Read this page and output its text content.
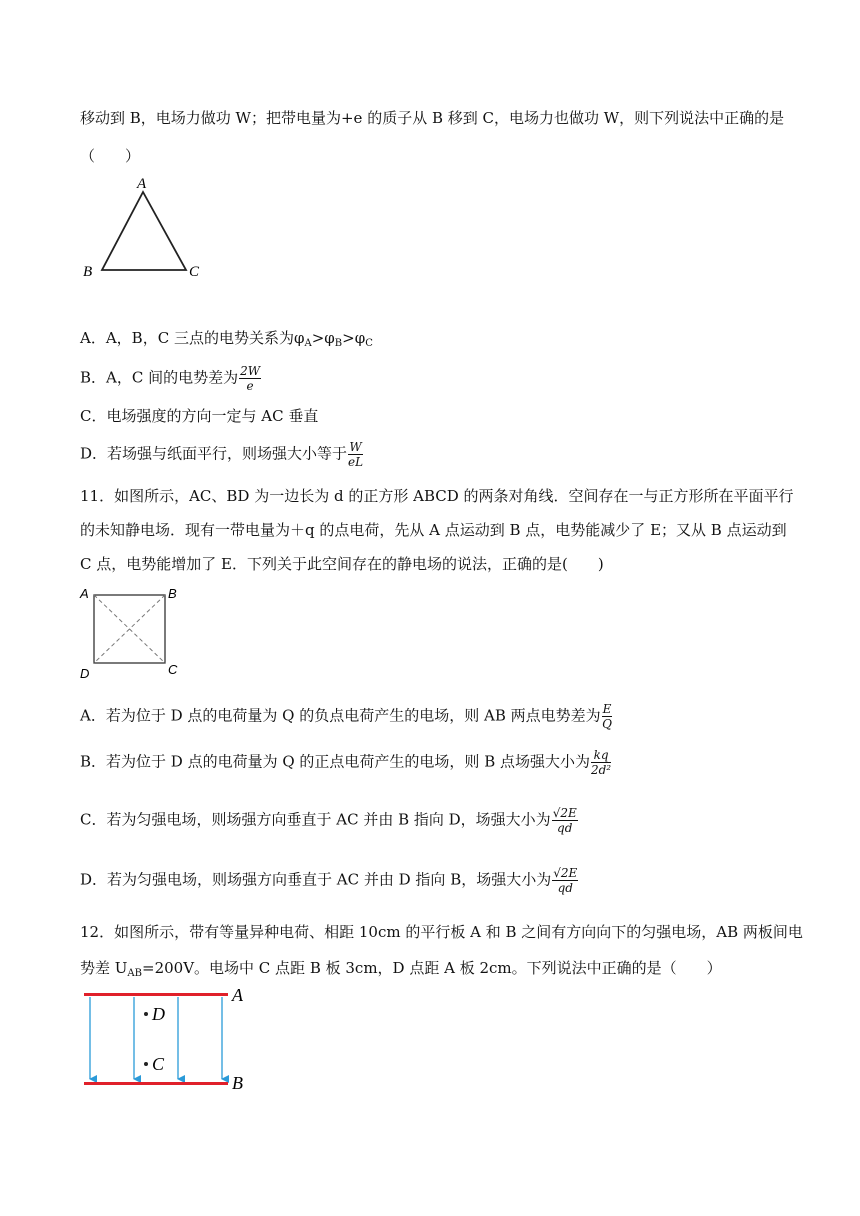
移动到 B，电场力做功 W；把带电量为+e 的质子从 B 移到 C，电场力也做功 W，则下列说法中正确的是
（　　）
A
B	C
A．A，B，C 三点的电势关系为$\varphi_A>\varphi_B>\varphi_C$
B．A，C 间的电势差为 $\frac{2W}{e}$
C．电场强度的方向一定与 AC 垂直
D．若场强与纸面平行，则场强大小等于 $\frac{W}{eL}$
11．如图所示，AC、BD 为一边长为 d 的正方形 ABCD 的两条对角线．空间存在一与正方形所在平面平行
的未知静电场．现有一带电量为＋q 的点电荷，先从 A 点运动到 B 点，电势能减少了 E；又从 B 点运动到
C 点，电势能增加了 E．下列关于此空间存在的静电场的说法，正确的是(　　)
A	B
C
D
A．若为位于 D 点的电荷量为 Q 的负点电荷产生的电场，则 AB 两点电势差为 $\frac{E}{Q}$
B．若为位于 D 点的电荷量为 Q 的正点电荷产生的电场，则 B 点场强大小为 $\frac{kq}{\text{2d²}}$
C．若为匀强电场，则场强方向垂直于 AC 并由 B 指向 D，场强大小为 $\frac{√2E}{qd}$
D．若为匀强电场，则场强方向垂直于 AC 并由 D 指向 B，场强大小为 $\frac{√2E}{qd}$
12．如图所示，带有等量异种电荷、相距 10cm 的平行板 A 和 B 之间有方向向下的匀强电场，AB 两板间电
势差 $U_{AB}=200V$。电场中 C 点距 B 板 3cm，D 点距 A 板 2cm。下列说法中正确的是（　　）
D
C
A
B
